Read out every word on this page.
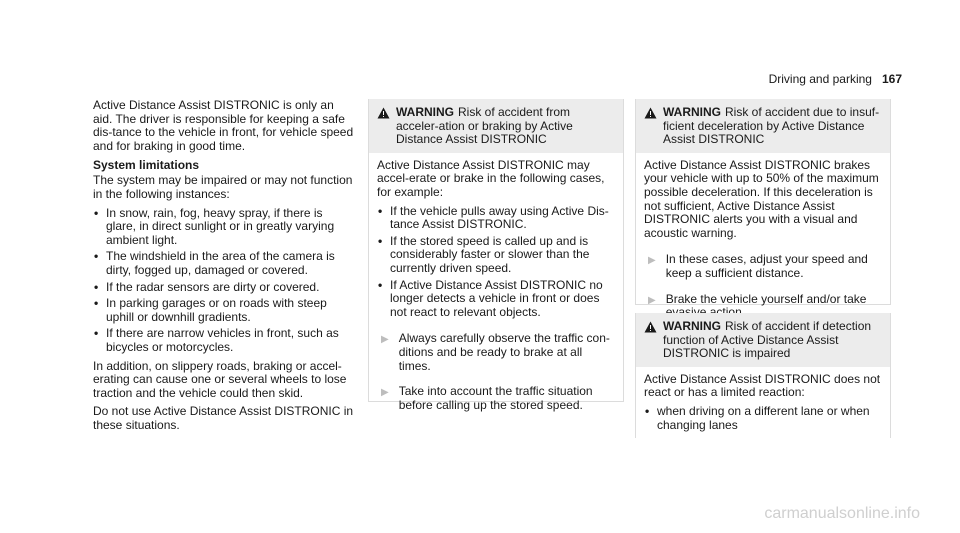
Driving and parking 167

Active Distance Assist DISTRONIC is only an aid. The driver is responsible for keeping a safe dis-tance to the vehicle in front, for vehicle speed and for braking in good time.

System limitations

The system may be impaired or may not function in the following instances:

• In snow, rain, fog, heavy spray, if there is glare, in direct sunlight or in greatly varying ambient light.
• The windshield in the area of the camera is dirty, fogged up, damaged or covered.
• If the radar sensors are dirty or covered.
• In parking garages or on roads with steep uphill or downhill gradients.
• If there are narrow vehicles in front, such as bicycles or motorcycles.

In addition, on slippery roads, braking or accel-erating can cause one or several wheels to lose traction and the vehicle could then skid.

Do not use Active Distance Assist DISTRONIC in these situations.

WARNING Risk of accident from acceler-ation or braking by Active Distance Assist DISTRONIC

Active Distance Assist DISTRONIC may accel-erate or brake in the following cases, for example:

• If the vehicle pulls away using Active Dis-tance Assist DISTRONIC.
• If the stored speed is called up and is considerably faster or slower than the currently driven speed.
• If Active Distance Assist DISTRONIC no longer detects a vehicle in front or does not react to relevant objects.
▶ Always carefully observe the traffic con-ditions and be ready to brake at all times.
▶ Take into account the traffic situation before calling up the stored speed.
WARNING Risk of accident due to insuf-ficient deceleration by Active Distance Assist DISTRONIC

Active Distance Assist DISTRONIC brakes your vehicle with up to 50% of the maximum possible deceleration. If this deceleration is not sufficient, Active Distance Assist DISTRONIC alerts you with a visual and acoustic warning.

▶ In these cases, adjust your speed and keep a sufficient distance.
▶ Brake the vehicle yourself and/or take
WARNING Risk of accident if detection function of Active Distance Assist DISTRONIC is impaired

Active Distance Assist DISTRONIC does not react or has a limited reaction:

• when driving on a different lane or when changing lanes
carmanualsonline.info
